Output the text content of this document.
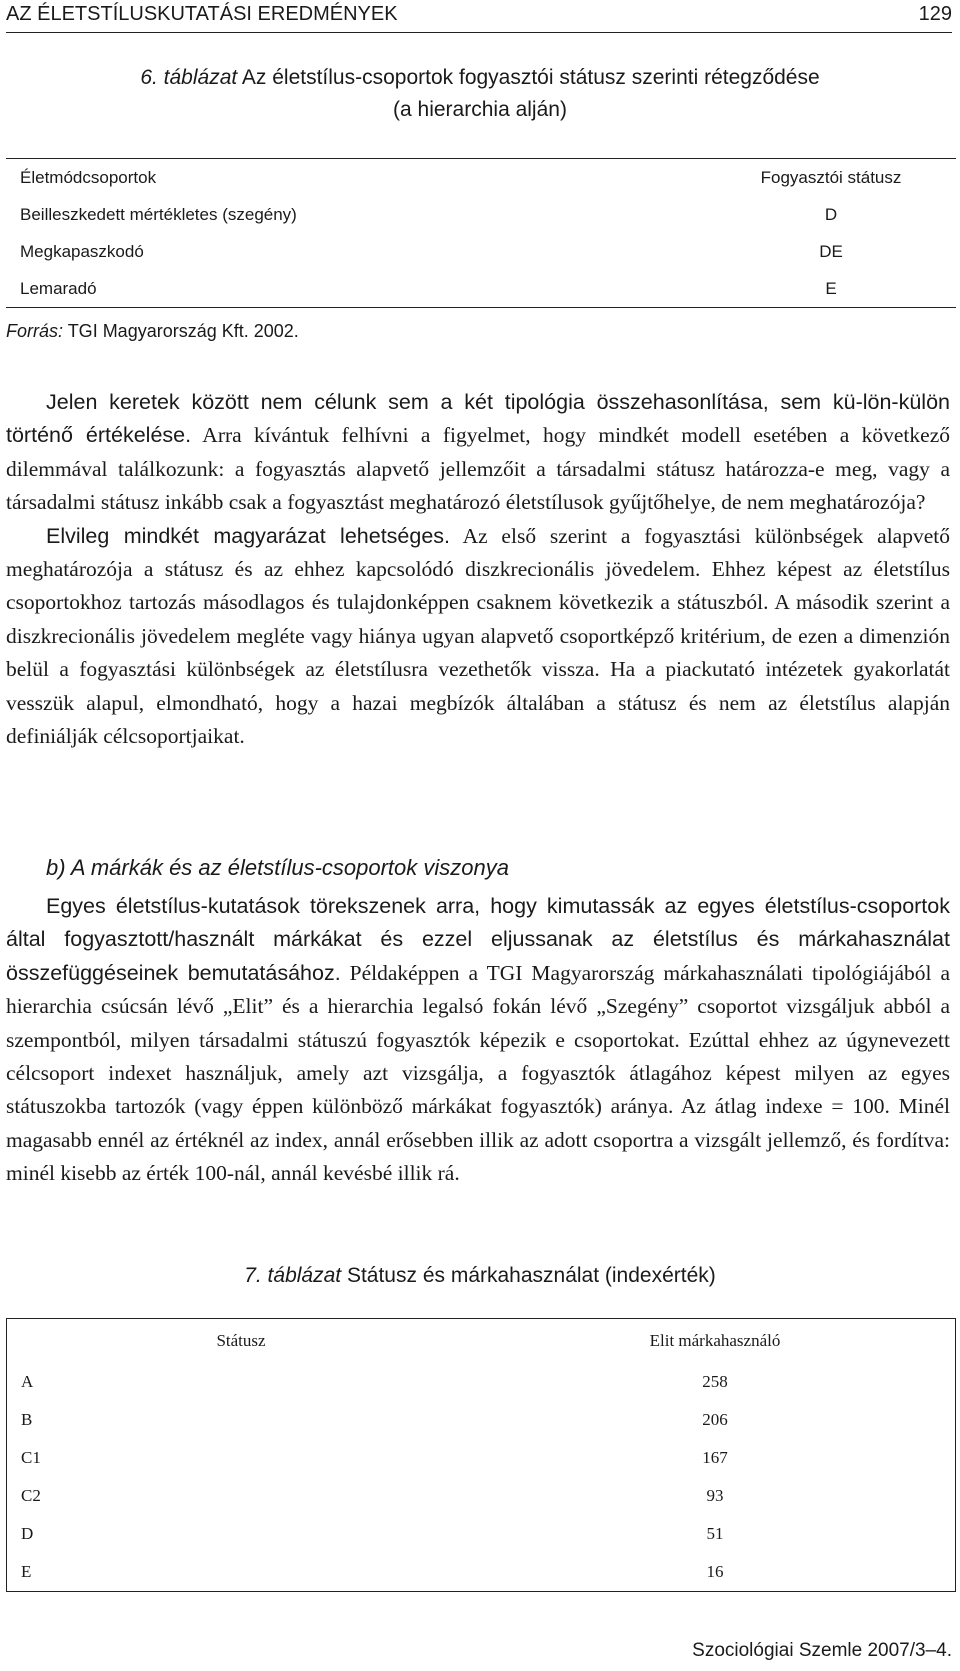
AZ ÉLETSTÍLUSKUTATÁSI EREDMÉNYEK	129
6. táblázat Az életstílus-csoportok fogyasztói státusz szerinti rétegződése
(a hierarchia alján)
Életmódcsoportok	Fogyasztói státusz
Beilleszkedett mértékletes (szegény)	D
Megkapaszkodó	DE
Lemaradó	E
Forrás: TGI Magyarország Kft. 2002.

Jelen keretek között nem célunk sem a két tipológia összehasonlítása, sem kü-lön-külön történő értékelése. Arra kívántuk felhívni a figyelmet, hogy mindkét modell esetében a következő dilemmával találkozunk: a fogyasztás alapvető jellemzőit a társadalmi státusz határozza-e meg, vagy a társadalmi státusz inkább csak a fogyasztást meghatározó életstílusok gyűjtőhelye, de nem meghatározója?

Elvileg mindkét magyarázat lehetséges. Az első szerint a fogyasztási különbségek alapvető meghatározója a státusz és az ehhez kapcsolódó diszkrecionális jövedelem. Ehhez képest az életstílus csoportokhoz tartozás másodlagos és tulajdonképpen csaknem következik a státuszból. A második szerint a diszkrecionális jövedelem megléte vagy hiánya ugyan alapvető csoportképző kritérium, de ezen a dimenzión belül a fogyasztási különbségek az életstílusra vezethetők vissza. Ha a piackutató intézetek gyakorlatát vesszük alapul, elmondható, hogy a hazai megbízók általában a státusz és nem az életstílus alapján definiálják célcsoportjaikat.

b) A márkák és az életstílus-csoportok viszonya

Egyes életstílus-kutatások törekszenek arra, hogy kimutassák az egyes életstílus-csoportok által fogyasztott/használt márkákat és ezzel eljussanak az életstílus és márkahasználat összefüggéseinek bemutatásához. Példaképpen a TGI Magyarország márkahasználati tipológiájából a hierarchia csúcsán lévő „Elit” és a hierarchia legalsó fokán lévő „Szegény” csoportot vizsgáljuk abból a szempontból, milyen társadalmi státuszú fogyasztók képezik e csoportokat. Ezúttal ehhez az úgynevezett célcsoport indexet használjuk, amely azt vizsgálja, a fogyasztók átlagához képest milyen az egyes státuszokba tartozók (vagy éppen különböző márkákat fogyasztók) aránya. Az átlag indexe = 100. Minél magasabb ennél az értéknél az index, annál erősebben illik az adott csoportra a vizsgált jellemző, és fordítva: minél kisebb az érték 100-nál, annál kevésbé illik rá.

7. táblázat Státusz és márkahasználat (indexérték)
Státusz	Elit márkahasználó
A	258
B	206
C1	167
C2	93
D	51
E	16
Szociológiai Szemle 2007/3–4.
